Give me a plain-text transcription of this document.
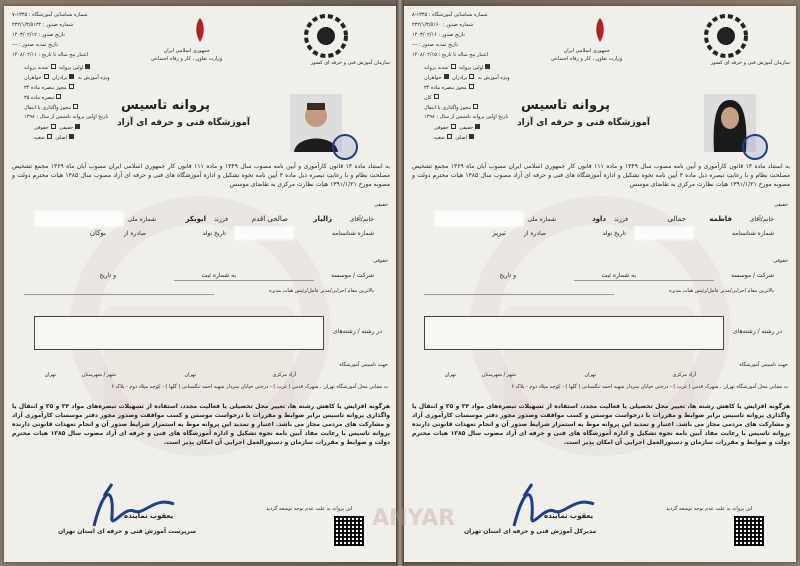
سازمان آموزش فنی و حرفه ای کشور
جمهوری اسلامی ایران
وزارت تعاون ، کار و رفاه اجتماعی
شماره شناسایی آموزشگاه : ۱۳۴۵-۷
شماره صدور : ۲۳۲/۱/۳/۵۱۳۲
تاریخ صدور : ۱۴۰۳/۰۲/۱۲
تاریخ تمدید صدور : ---
اعتبار پنج ساله تا تاریخ : ۱۴۰۸/۰۲/۱۱
اولین پروانه تمدید پروانه
ویژه آموزش به برادران خواهران
مجوز تبصره ماده ۳۴
تبصره ماده ۳۵
مجوز واگذاری یا انتقال
تاریخ اولین پروانه تاسیس از سال : ۱۳۹۸
حقیقی حقوقی
اصلی شعبه
پروانه تاسیس
آموزشگاه فنی و حرفه ای آزاد
به استناد ماده ۱۳ قانون کارآموزی و آیین نامه مصوب سال ۱۳۴۹ و ماده ۱۱۱ قانون کار جمهوری اسلامی ایران مصوب آبان ماه ۱۳۶۹ مجمع تشخیص مصلحت نظام و با رعایت تبصره ذیل ماده ۳ آیین نامه نحوه تشکیل و اداره آموزشگاه های فنی و حرفه ای آزاد مصوب سال ۱۳۸۵ هیات محترم دولت و مصوبه مورخ ۱۳۹۱/۱/۲۱ هیات نظارت مرکزی به تقاضای موسس
حقیقی
خانم/آقای
زالیار
صالحی اقدم
فرزند
ابوبکر
شماره ملی
شماره شناسنامه
تاریخ تولد
صادره از
بوکان
حقوقی
شرکت / موسسه
به شماره ثبت
و تاریخ
بالاترین مقام اجرایی/مدیر عامل/رئیس هیات مدیره
در رشته / رشته‌های
جهت تاسیس آموزشگاه
آزاد مرکزی
تهران
شهر / شهرستان
تهران
به نشانی محل آموزشگاه تهران ، شهرک قدس ( غرب ) - درختی خیابان سردار شهید احمد تنگستانی ( گلها ) - کوچه میلاد دوم - پلاک ۶
هرگونه افزایش یا کاهش رشته ها، تغییر محل تحصیلی یا فعالیت مجدد، استفاده از تسهیلات تبصره‌های مواد ۳۴ و ۳۵ و انتقال یا واگذاری پروانه تاسیس برابر ضوابط و مقررات با درخواست موسس و کسب موافقت وصدور مجوز دفتر موسسات کارآموزی آزاد و مشارکت های مردمی مجاز می باشد. اعتبار و تمدید این پروانه موط به استمرار شرایط صدور آن و انجام تعهدات قانونی دارنده پروانه تاسیس با رعایت مفاد آیین نامه نحوه تشکیل و اداره آموزشگاه های فنی و حرفه ای آزاد مصوب سال ۱۳۸۵ هیات محترم دولت و ضوابط و مقررات سازمان و دستورالعمل اجرایی آن امکان پذیر است.
یعقوب نماینده
سرپرست آموزش فنی و حرفه ای استان تهران
این پروانه به علت عدم توجه توسعه گردید
سازمان آموزش فنی و حرفه ای کشور
جمهوری اسلامی ایران
وزارت تعاون ، کار و رفاه اجتماعی
شماره شناسایی آموزشگاه : ۱۳۴۵-۸
شماره صدور : ۲۳۲/۱/۳/۵۱۶۰
تاریخ صدور : ۱۴۰۳/۰۲/۱۶
تاریخ تمدید صدور : ---
اعتبار پنج ساله تا تاریخ : ۱۴۰۸/۰۲/۱۵
اولین پروانه تمدید پروانه
ویژه آموزش به برادران خواهران
مجوز تبصره ماده ۳۴
کان
مجوز واگذاری یا انتقال
تاریخ اولین پروانه تاسیس از سال : ۱۳۹۸
حقیقی حقوقی
اصلی شعبه
پروانه تاسیس
آموزشگاه فنی و حرفه ای آزاد
به استناد ماده ۱۳ قانون کارآموزی و آیین نامه مصوب سال ۱۳۴۹ و ماده ۱۱۱ قانون کار جمهوری اسلامی ایران مصوب آبان ماه ۱۳۶۹ مجمع تشخیص مصلحت نظام و با رعایت تبصره ذیل ماده ۳ آیین نامه نحوه تشکیل و اداره آموزشگاه های فنی و حرفه ای آزاد مصوب سال ۱۳۸۵ هیات محترم دولت و مصوبه مورخ ۱۳۹۱/۱/۲۱ هیات نظارت مرکزی به تقاضای موسس
حقیقی
خانم/آقای
فاطمه
جمالی
فرزند
داود
شماره ملی
شماره شناسنامه
تاریخ تولد
صادره از
تبریز
حقوقی
شرکت / موسسه
به شماره ثبت
و تاریخ
بالاترین مقام اجرایی/مدیر عامل/رئیس هیات مدیره
در رشته / رشته‌های
جهت تاسیس آموزشگاه
آزاد مرکزی
تهران
شهر / شهرستان
تهران
به نشانی محل آموزشگاه تهران ، شهرک قدس ( غرب ) - درختی خیابان سردار شهید احمد تنگستانی ( گلها ) - کوچه میلاد دوم - پلاک ۶
هرگونه افزایش یا کاهش رشته ها، تغییر محل تحصیلی یا فعالیت مجدد، استفاده از تسهیلات تبصره‌های مواد ۳۴ و ۳۵ و انتقال یا واگذاری پروانه تاسیس برابر ضوابط و مقررات با درخواست موسس و کسب موافقت وصدور مجوز دفتر موسسات کارآموزی آزاد و مشارکت های مردمی مجاز می باشد. اعتبار و تمدید این پروانه موط به استمرار شرایط صدور آن و انجام تعهدات قانونی دارنده پروانه تاسیس با رعایت مفاد آیین نامه نحوه تشکیل و اداره آموزشگاه های فنی و حرفه ای آزاد مصوب سال ۱۳۸۵ هیات محترم دولت و ضوابط و مقررات سازمان و دستورالعمل اجرایی آن امکان پذیر است.
یعقوب نماینده
مدیرکل آموزش فنی و حرفه ای استان تهران
این پروانه به علت عدم توجه توسعه گردید
ANYAR
